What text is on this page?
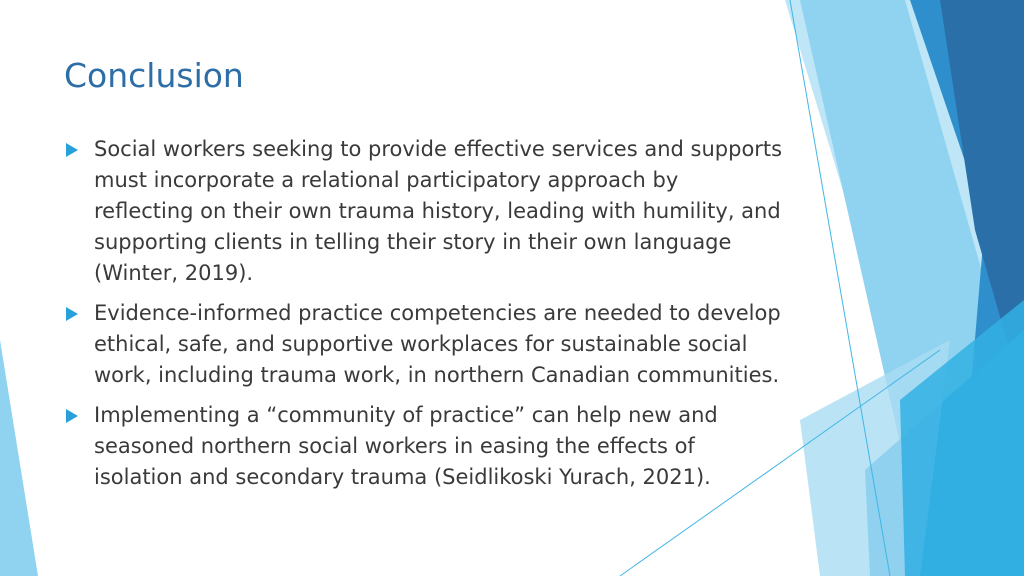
Conclusion
Social workers seeking to provide effective services and supports must incorporate a relational participatory approach by reflecting on their own trauma history, leading with humility, and supporting clients in telling their story in their own language (Winter, 2019).
Evidence-informed practice competencies are needed to develop ethical, safe, and supportive workplaces for sustainable social work, including trauma work, in northern Canadian communities.
Implementing a “community of practice” can help new and seasoned northern social workers in easing the effects of isolation and secondary trauma (Seidlikoski Yurach, 2021).
